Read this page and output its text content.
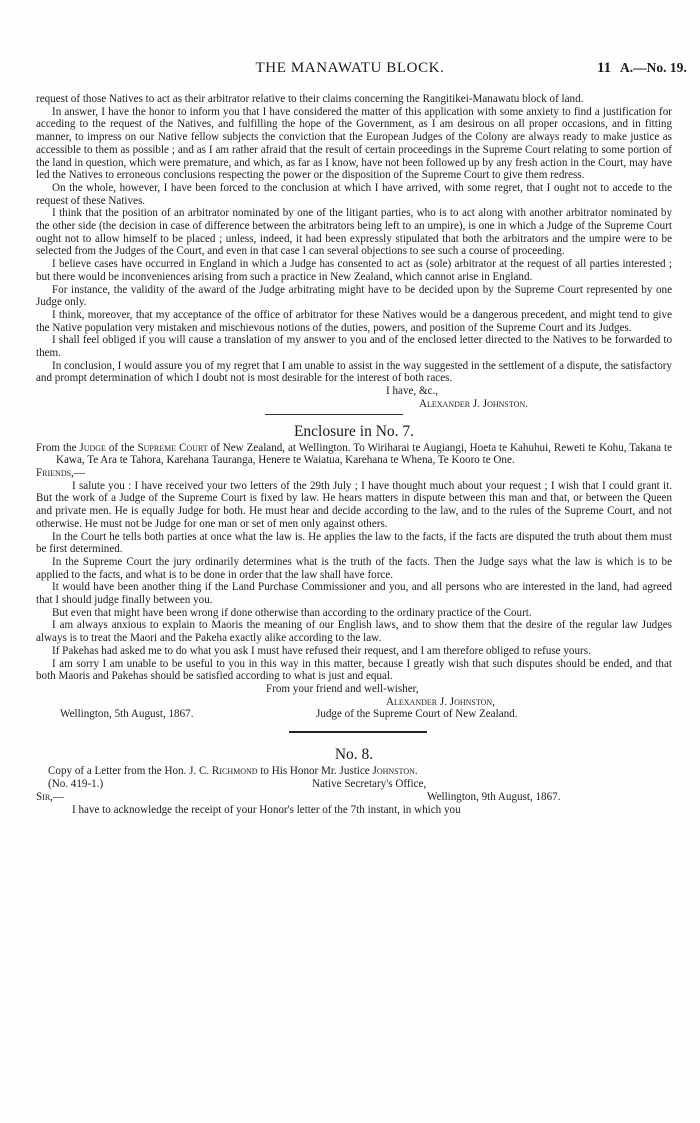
THE MANAWATU BLOCK.	11 A.—No. 19.

request of those Natives to act as their arbitrator relative to their claims concerning the Rangitikei-Manawatu block of land.

In answer, I have the honor to inform you that I have considered the matter of this application with some anxiety to find a justification for acceding to the request of the Natives, and fulfilling the hope of the Government, as I am desirous on all proper occasions, and in fitting manner, to impress on our Native fellow subjects the conviction that the European Judges of the Colony are always ready to make justice as accessible to them as possible ; and as I am rather afraid that the result of certain proceedings in the Supreme Court relating to some portion of the land in question, which were premature, and which, as far as I know, have not been followed up by any fresh action in the Court, may have led the Natives to erroneous conclusions respecting the power or the disposition of the Supreme Court to give them redress.

On the whole, however, I have been forced to the conclusion at which I have arrived, with some regret, that I ought not to accede to the request of these Natives.

I think that the position of an arbitrator nominated by one of the litigant parties, who is to act along with another arbitrator nominated by the other side (the decision in case of difference between the arbitrators being left to an umpire), is one in which a Judge of the Supreme Court ought not to allow himself to be placed ; unless, indeed, it had been expressly stipulated that both the arbitrators and the umpire were to be selected from the Judges of the Court, and even in that case I can several objections to see such a course of proceeding.

I believe cases have occurred in England in which a Judge has consented to act as (sole) arbitrator at the request of all parties interested ; but there would be inconveniences arising from such a practice in New Zealand, which cannot arise in England.

For instance, the validity of the award of the Judge arbitrating might have to be decided upon by the Supreme Court represented by one Judge only.

I think, moreover, that my acceptance of the office of arbitrator for these Natives would be a dangerous precedent, and might tend to give the Native population very mistaken and mischievous notions of the duties, powers, and position of the Supreme Court and its Judges.

I shall feel obliged if you will cause a translation of my answer to you and of the enclosed letter directed to the Natives to be forwarded to them.

In conclusion, I would assure you of my regret that I am unable to assist in the way suggested in the settlement of a dispute, the satisfactory and prompt determination of which I doubt not is most desirable for the interest of both races.

I have, &c.,

Alexander J. Johnston.

Enclosure in No. 7.

From the Judge of the Supreme Court of New Zealand, at Wellington. To Wiriharai te Augiangi, Hoeta te Kahuhui, Reweti te Kohu, Takana te Kawa, Te Ara te Tahora, Karehana Tauranga, Henere te Waiatua, Karehana te Whena, Te Kooro te One.

Friends,—

I salute you : I have received your two letters of the 29th July ; I have thought much about your request ; I wish that I could grant it. But the work of a Judge of the Supreme Court is fixed by law. He hears matters in dispute between this man and that, or between the Queen and private men. He is equally Judge for both. He must hear and decide according to the law, and to the rules of the Supreme Court, and not otherwise. He must not be Judge for one man or set of men only against others.

In the Court he tells both parties at once what the law is. He applies the law to the facts, if the facts are disputed the truth about them must be first determined.

In the Supreme Court the jury ordinarily determines what is the truth of the facts. Then the Judge says what the law is which is to be applied to the facts, and what is to be done in order that the law shall have force.

It would have been another thing if the Land Purchase Commissioner and you, and all persons who are interested in the land, had agreed that I should judge finally between you.

But even that might have been wrong if done otherwise than according to the ordinary practice of the Court.

I am always anxious to explain to Maoris the meaning of our English laws, and to show them that the desire of the regular law Judges always is to treat the Maori and the Pakeha exactly alike according to the law.

If Pakehas had asked me to do what you ask I must have refused their request, and I am therefore obliged to refuse yours.

I am sorry I am unable to be useful to you in this way in this matter, because I greatly wish that such disputes should be ended, and that both Maoris and Pakehas should be satisfied according to what is just and equal.

From your friend and well-wisher,

Alexander J. Johnston,

Wellington, 5th August, 1867.	Judge of the Supreme Court of New Zealand.
No. 8.

Copy of a Letter from the Hon. J. C. Richmond to His Honor Mr. Justice Johnston.

(No. 419-1.)	Native Secretary's Office,
Sir,—	Wellington, 9th August, 1867.

I have to acknowledge the receipt of your Honor's letter of the 7th instant, in which you
